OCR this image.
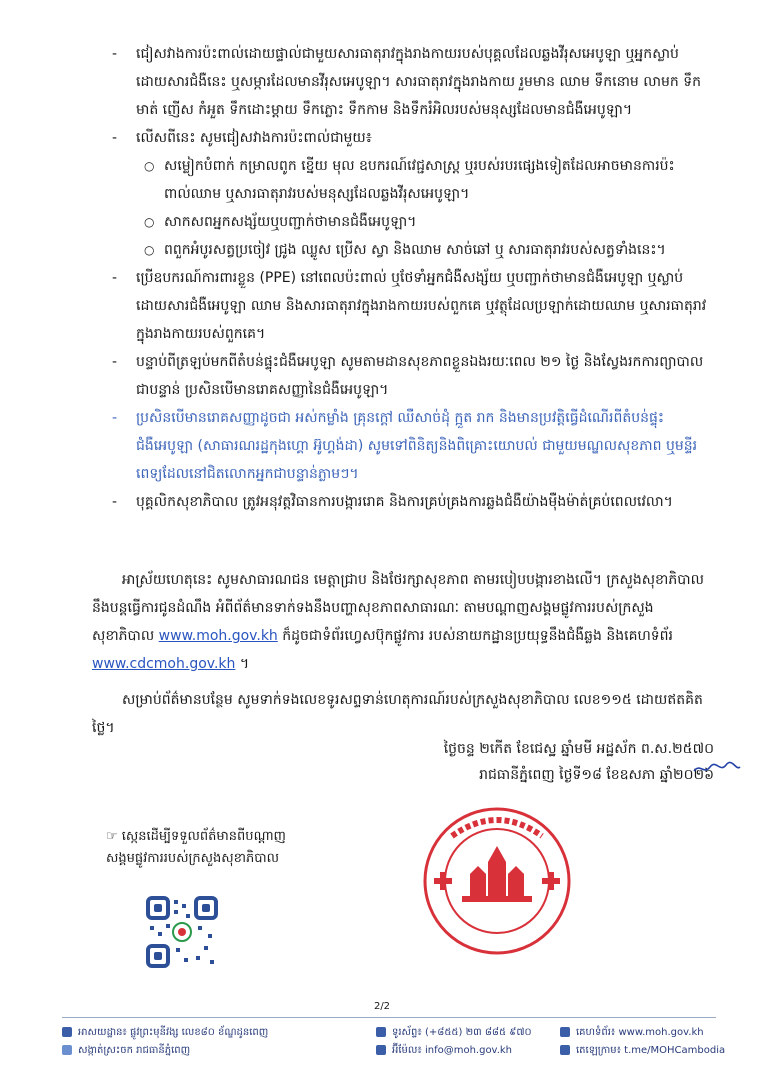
- ជៀសវាងការប៉ះពាល់ដោយផ្ទាល់ជាមួយសារធាតុរាវក្នុងរាងកាយរបស់បុគ្គលដែលឆ្លងវីរុសអេបូឡា ឬអ្នកស្លាប់ដោយសារជំងឺនេះ ឬសម្ភារដែលមានវីរុសអេបូឡា។ សារធាតុរាវក្នុងរាងកាយ រួមមាន ឈាម ទឹកនោម លាមក ទឹកមាត់ ញើស កំអួត ទឹកដោះម្តាយ ទឹកភ្លោះ ទឹកកាម និងទឹករំអិលរបស់មនុស្សដែលមានជំងឺអេបូឡា។
- លើសពីនេះ សូមជៀសវាងការប៉ះពាល់ជាមួយ៖
○ សម្លៀកបំពាក់ កម្រាលពូក ខ្នើយ មុល ឧបករណ៍វេជ្ជសាស្ត្រ ឬរបស់របរផ្សេងទៀតដែលអាចមានការប៉ះពាល់ឈាម ឬសារធាតុរាវរបស់មនុស្សដែលឆ្លងវីរុសអេបូឡា។
○ សាកសពអ្នកសង្ស័យឬបញ្ជាក់ថាមានជំងឺអេបូឡា។
○ ពពួកអំបូរសត្វប្រចៀវ ជ្រូង ឈ្លូស ប្រើស ស្វា និងឈាម សាច់ឆៅ ឬ សារធាតុរាវរបស់សត្វទាំងនេះ។
- ប្រើឧបករណ៍ការពារខ្លួន (PPE) នៅពេលប៉ះពាល់ ឬថែទាំអ្នកជំងឺសង្ស័យ ឬបញ្ជាក់ថាមានជំងឺអេបូឡា ឬស្លាប់ដោយសារជំងឺអេបូឡា ឈាម និងសារធាតុរាវក្នុងរាងកាយរបស់ពួកគេ ឬវត្ថុដែលប្រឡាក់ដោយឈាម ឬសារធាតុរាវក្នុងរាងកាយរបស់ពួកគេ។
- បន្ទាប់ពីត្រឡប់មកពីតំបន់ផ្ទុះជំងឺអេបូឡា សូមតាមដានសុខភាពខ្លួនឯងរយៈពេល ២១ ថ្ងៃ និងស្វែងរកការព្យាបាលជាបន្ទាន់ ប្រសិនបើមានរោគសញ្ញានៃជំងឺអេបូឡា។
- ប្រសិនបើមានរោគសញ្ញាដូចជា អស់កម្លាំង គ្រុនក្តៅ ឈឺសាច់ដុំ ក្អួត រាក និងមានប្រវត្តិធ្វើដំណើរពីតំបន់ផ្ទុះជំងឺអេបូឡា (សាធារណរដ្ឋកុងហ្គោ អ៊ូហ្គង់ដា) សូមទៅពិនិត្យនិងពិគ្រោះយោបល់ ជាមួយមណ្ឌលសុខភាព ឬមន្ទីរពេទ្យដែលនៅជិតលោកអ្នកជាបន្ទាន់ភ្លាមៗ។
- បុគ្គលិកសុខាភិបាល ត្រូវអនុវត្តវិធានការបង្ការរោគ និងការគ្រប់គ្រងការឆ្លងជំងឺយ៉ាងម៉ឺងម៉ាត់គ្រប់ពេលវេលា។
អាស្រ័យហេតុនេះ សូមសាធារណជន មេត្តាជ្រាប និងថែរក្សាសុខភាព តាមរបៀបបង្ការខាងលើ។ ក្រសួងសុខាភិបាលនឹងបន្តធ្វើការជូនដំណឹង អំពីព័ត៌មានទាក់ទងនឹងបញ្ហាសុខភាពសាធារណៈ តាមបណ្តាញសង្គមផ្លូវការរបស់ក្រសួងសុខាភិបាល www.moh.gov.kh ក៏ដូចជាទំព័រហ្វេសប៊ុកផ្លូវការ របស់នាយកដ្ឋានប្រយុទ្ធនឹងជំងឺឆ្លង និងគេហទំព័រ www.cdcmoh.gov.kh ។
សម្រាប់ព័ត៌មានបន្ថែម សូមទាក់ទងលេខទូរសព្ទទាន់ហេតុការណ៍របស់ក្រសួងសុខាភិបាល លេខ១១៥ ដោយឥតគិតថ្លៃ។
ថ្ងៃចន្ទ ២កើត ខែជេស្ឋ ឆ្នាំមមី អដ្ឋស័ក ព.ស.២៥៧០
រាជធានីភ្នំពេញ ថ្ងៃទី១៨ ខែឧសភា ឆ្នាំ២០២៦
☞ ស្កេនដើម្បីទទួលព័ត៌មានពីបណ្តាញសង្គមផ្លូវការរបស់ក្រសួងសុខាភិបាល
2/2
អាសយដ្ឋាន៖ ផ្លូវព្រះមុនីវង្ស លេខ៨០ ខ័ណ្ឌដូនពេញ
សង្កាត់ស្រះចក រាជធានីភ្នំពេញ
ទូរស័ព្ទ៖ (+៨៥៥) ២៣ ៨៨៥ ៩៧០
អ៊ីម៉ែល៖ info@moh.gov.kh
គេហទំព័រ៖ www.moh.gov.kh
តេឡេក្រាម៖ t.me/MOHCambodia
